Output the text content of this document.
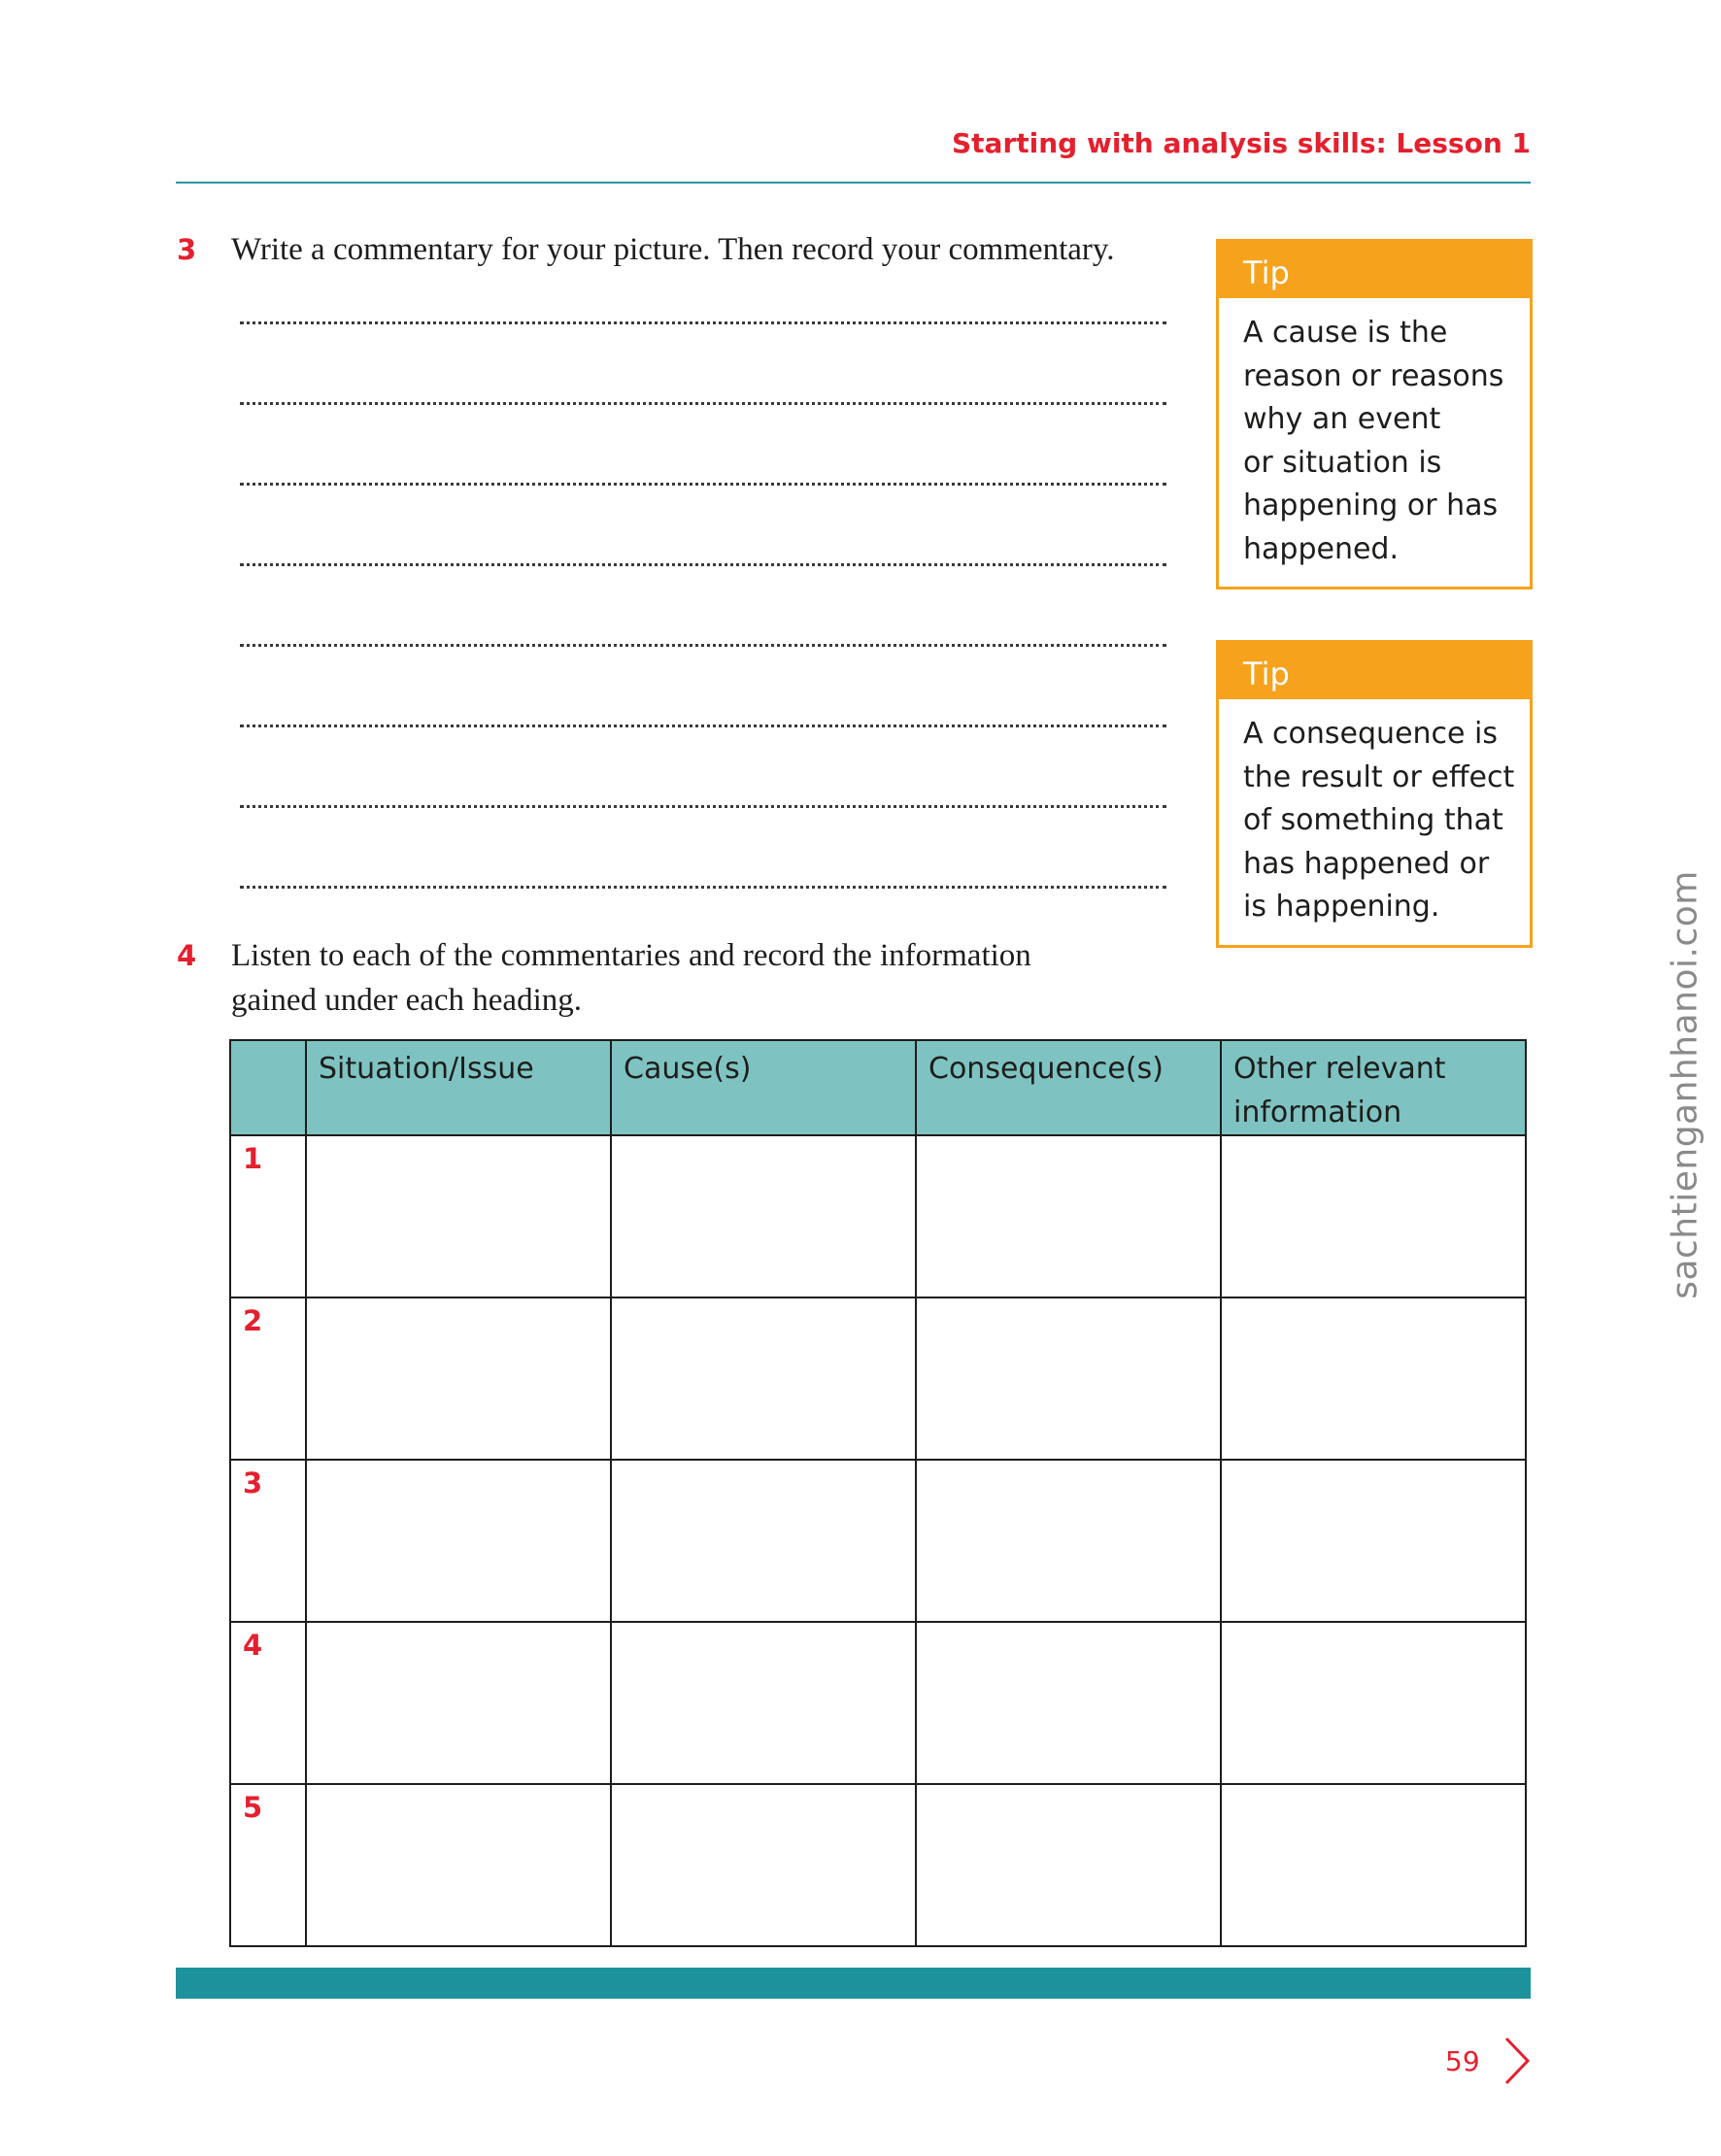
Starting with analysis skills: Lesson 1
3 Write a commentary for your picture. Then record your commentary.
Tip
A cause is the
reason or reasons
why an event
or situation is
happening or has
happened.
Tip
A consequence is
the result or effect
of something that
has happened or
is happening.
4 Listen to each of the commentaries and record the information
gained under each heading.

	Situation/Issue	Cause(s)	Consequence(s)	Other relevant
information

1				
2				
3				
4				
5				
59
sachtienganhhanoi.com
